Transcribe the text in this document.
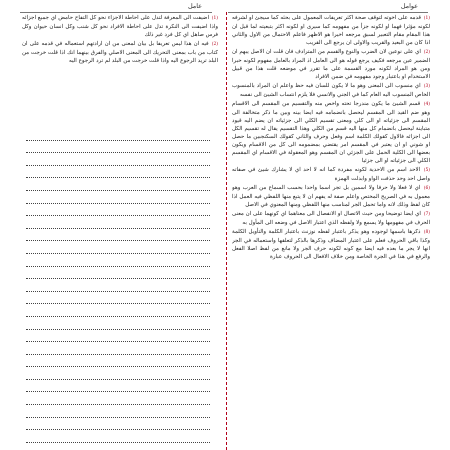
عوامل
عامل
(1) قدمه على اخوته لتوقف صحة اكثر تعريفات المعمول على بحثه كما سيجئ او لشرفه لكونه مؤثرا فهما او لكونه جزأ من مفهومه كما سيرى او لكونه اكثر بتبعيته لما قبل ان هذا المقام مقام التعبير لسبق مرجعه اخيرا هو الاظهر فاعلم الاحتمال من الاول والثاني اذا كان من البعيد والقريب والاولى ان يرجع الى القريب
(2) اي على نوعين لان الضرب والنوع والقسم من المترادف فان قلت ان الاصل يبهم ان الضمير عين مرجعه فكيف يرجع قوله هو الى العامل اذ المراد بالعامل مفهوم لكونه خبرا ومن هو المراد لكونه مورد القسمة على ما تقرر في موضعه قلت هذا من قبيل الاستخدام او باعتبار وجود مفهومه في ضمن الافراد
(3) اي منسوب الى المعنى وهو ما لا يكون للسان فيه حظ واعلم ان المراد بالمنسوب الخاص المنسوب اليه العام كما في الجني والانسي فلا يلزم انتساب الشيئ الى نفسه
(4) قسم الشيئ ما يكون مندرجا تحته واخص منه والتقسيم من المقسم الى الاقسام وهو ضم القيد الى المقسم ليحصل بانضمامه فيه ايضا بينه وبين ما ذكر متخالفة الى المقسم الى جزئياته او الى كلي ومعنى تقسيم الكلي الى جزئياته ان يضم اليه قيود متباينة ليحصل بانضمام كل منها اليه قسم من الكلي وهذا التقسيم يقال له تقسيم الكل الى اجزائه فالاول كقولك الكلمة اسم وفعل وحرف والثاني كقولك السكنجبين ما حصل او شوني او ان يعتبر في المقسم امر يقتضي بمضمومه الى كل من الاقسام ويكون بعضها الى الكلية الحمل على الجزئي ان المقسم وهو المعقولة في الاقسام اي المقسم الكلي الى جزئياته او الى جزئيا
(5) الاحد اسم من الاحدية لكونه مفردة كما انه لا احد اي لا يشارك شيئ في صفاته واصل احد وحد حذفت الواو وابدلت الهمزة
(6) اي لا فعلا ولا حرفا ولا اسمين بل تجر اسما واحدا بحسب السماع من العرب وهو معمول به في الصريح المختص واعلم صفة له يفهم ان لا يتبع منها اللفظي فيه العمل اذا كان لفظ وذلك لانه واما تحمل الجر لمناسب منها اللفظي ومنها المعنوي في الاصل
(7) اي ايضا توضيحا ومن حيث الاتصال او الانفصال الى معناهما اي كونهما على ان معنى الحرف في مفهومها ولا يسمع ولا ولفظه الذي اعتبار الاصل في وضعه الى المأول به
(8) ذكرها باسمها لوجوده وهو يذكر باعتبار لفظه نوزنث باعتبار الكلمة والتأويل الكلمة وكذا باقي الحروف فعلم على اعتبار المضاف وذكرها بالذكر لتعلقها واستعماله في الجر انها لا يجر ما بعده فيه ايضا مع كونه لكونه حرف الجر ولا مانع من لفظ اصلا الفعل والرفع في هذا في الجرة الخاصة ومن خلاف الافعال الى الحروف عبارة
(1) اضيفت الى المعرفة لتدل على احاطة الاجزاء نحو كل التفاح حامض اي جميع اجزائه واذا اضيفت الى النكرة تدل على احاطة الافراد نحو كل شنب وكل انسان حيوان وكل فرس صاهل اي كل فرد غير ذلك
(2) فيه ان هذا ليس تعريفا بل بيان لمعنى من ان ارادتهم استعماله في قدمه على ان كتاب من باب بمعنى التحريك الى المعنى الاصلي والفرق بينهما انك اذا قلت خرجت من البلد تريد الرجوع اليه واذا قلت خرجت من البلد لم ترد الرجوع اليه
